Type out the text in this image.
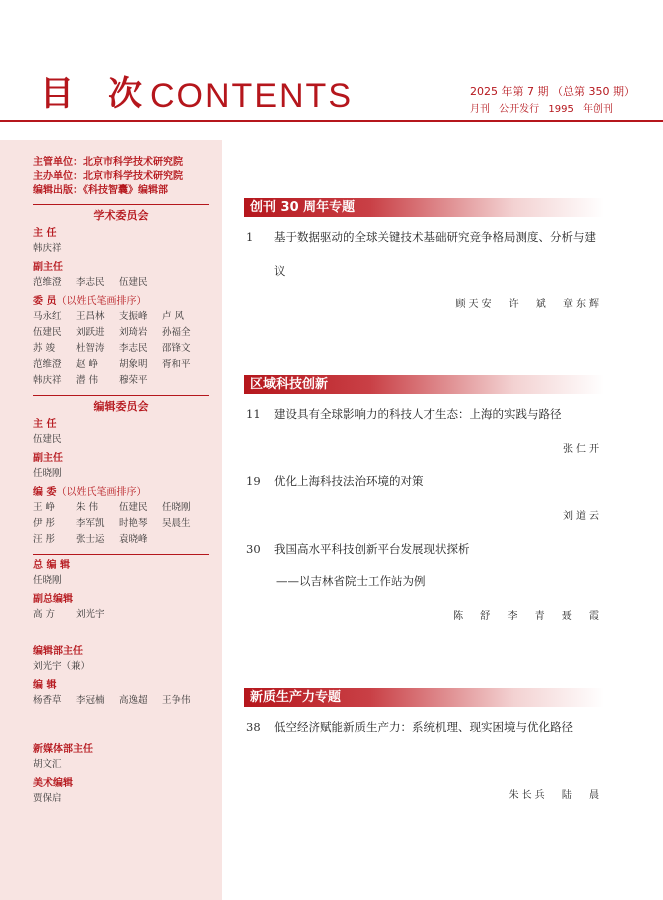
目次
CONTENTS	2025 年第 7 期 （总第 350 期）
月刊 公开发行 1995 年创刊
主管单位：北京市科学技术研究院
主办单位：北京市科学技术研究院
编辑出版：《科技智囊》编辑部
学术委员会
主 任
韩庆祥
副主任
范维澄 李志民 伍建民
委 员（以姓氏笔画排序）
马永红 王昌林 支振峰 卢 风
伍建民 刘跃进 刘琦岩 孙福全
苏 竣 杜智涛 李志民 邵锋文
范维澄 赵 峥 胡象明 胥和平
韩庆祥 潜 伟 穆荣平
编辑委员会
主 任
伍建民
副主任
任晓刚
编 委（以姓氏笔画排序）
王 峥 朱 伟 伍建民 任晓刚
伊 彤 李军凯 时艳琴 吴晨生
汪 彤 张士运 袁晓峰
总 编 辑
任晓刚
副总编辑
高 方 刘光宇
编辑部主任
刘光宇（兼）
编 辑
杨香草 李冠楠 高逸超 王争伟
新媒体部主任
胡文汇
美术编辑
贾保启
创刊 30 周年专题
1 基于数据驱动的全球关键技术基础研究竞争格局测度、分析与建议
顾天安 许 斌 章东辉
区域科技创新
11 建设具有全球影响力的科技人才生态：上海的实践与路径
张仁开
19 优化上海科技法治环境的对策
刘道云
30 我国高水平科技创新平台发展现状探析
——以吉林省院士工作站为例
陈 舒 李 青 聂 霞
新质生产力专题
38 低空经济赋能新质生产力：系统机理、现实困境与优化路径
朱长兵 陆 晨
